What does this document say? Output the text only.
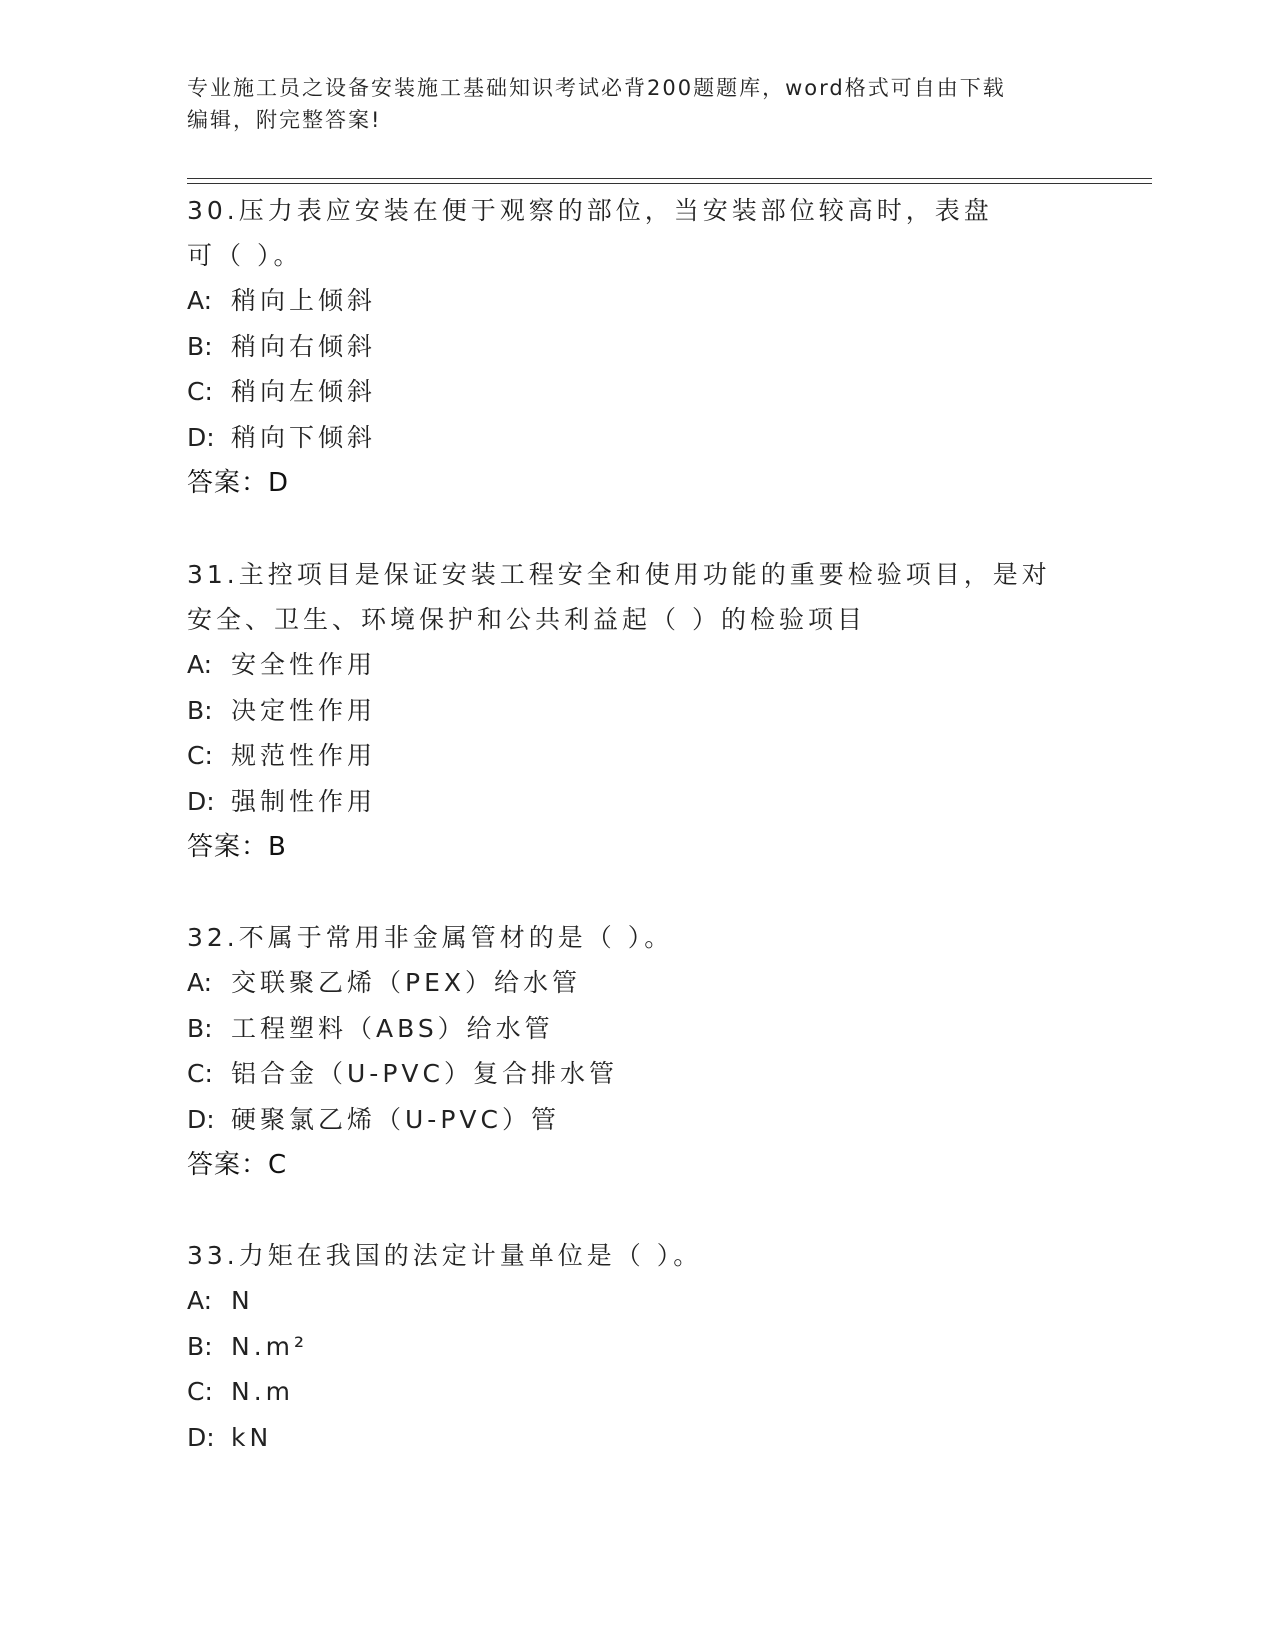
专业施工员之设备安装施工基础知识考试必背200题题库，word格式可自由下载
编辑，附完整答案!

30.压力表应安装在便于观察的部位，当安装部位较高时，表盘可（ ）。

A: 稍向上倾斜

B: 稍向右倾斜

C: 稍向左倾斜

D: 稍向下倾斜

答案：D

31.主控项目是保证安装工程安全和使用功能的重要检验项目，是对安全、卫生、环境保护和公共利益起（ ）的检验项目

A: 安全性作用

B: 决定性作用

C: 规范性作用

D: 强制性作用

答案：B

32.不属于常用非金属管材的是（ ）。

A: 交联聚乙烯（PEX）给水管

B: 工程塑料（ABS）给水管

C: 铝合金（U-PVC）复合排水管

D: 硬聚氯乙烯（U-PVC）管

答案：C

33.力矩在我国的法定计量单位是（ ）。

A: N

B: N.m²

C: N.m

D: kN
